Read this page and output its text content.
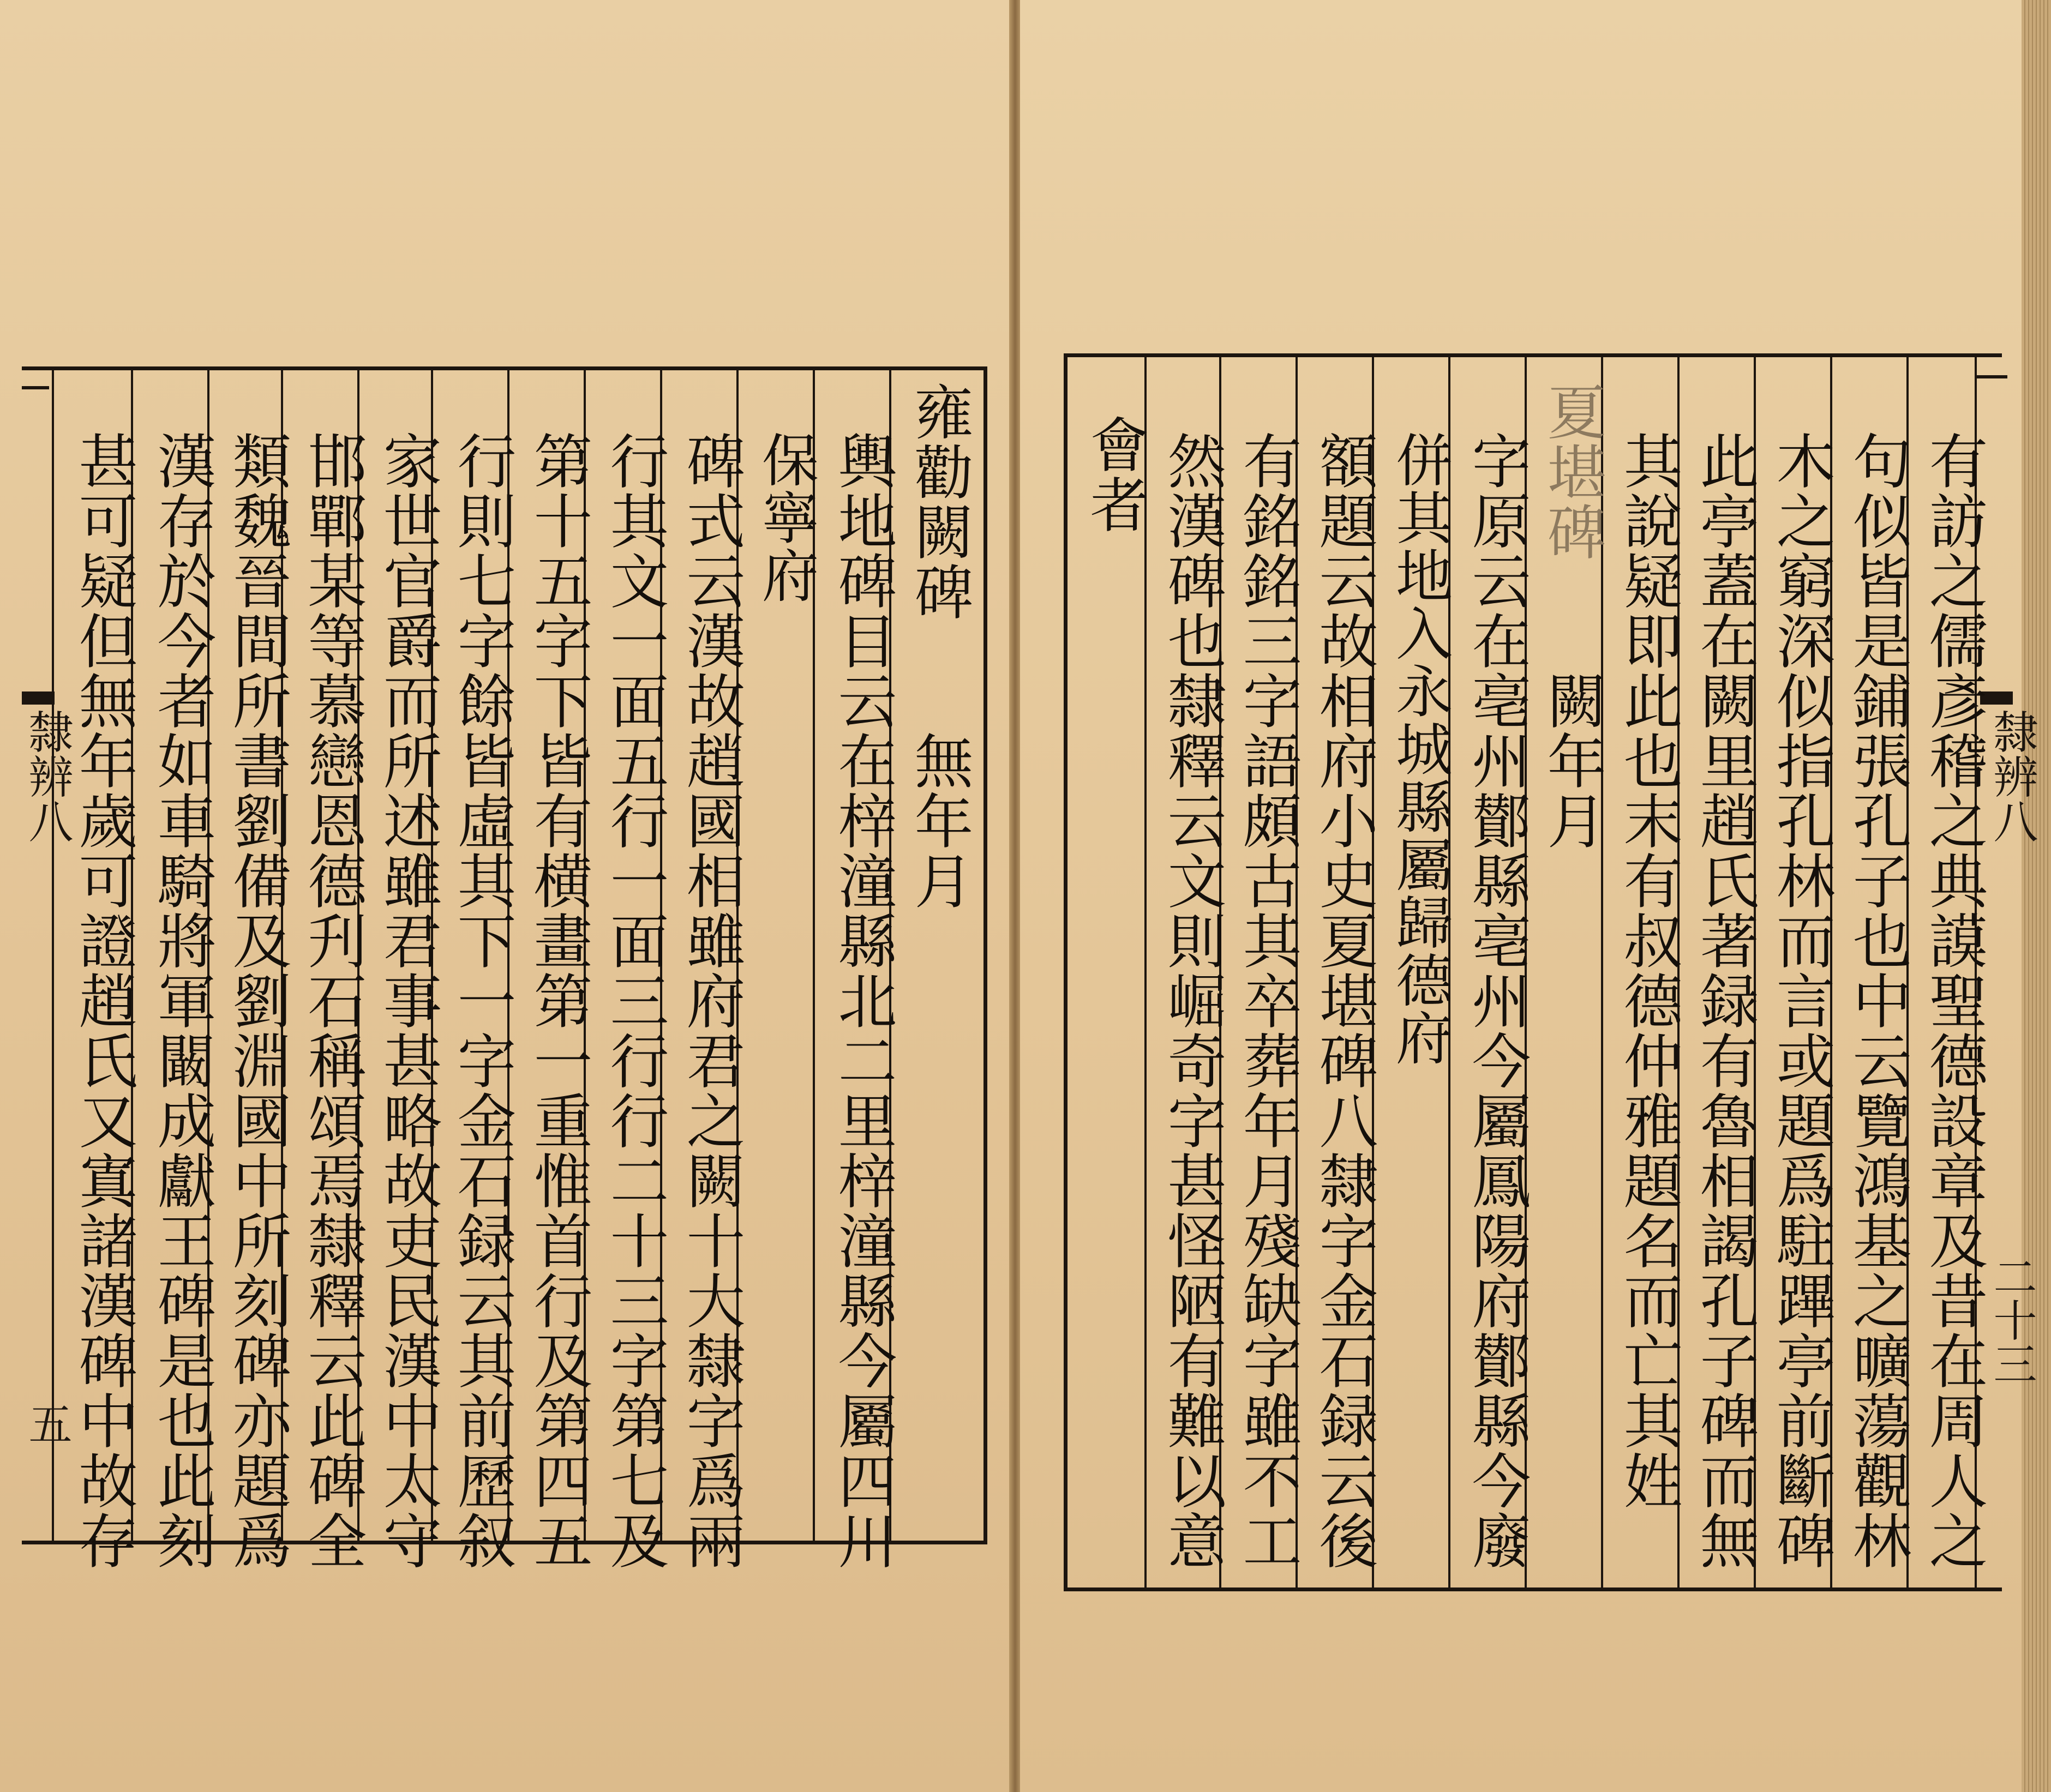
隸辨八
五
雍勸闕碑
無年月
輿地碑目云在梓潼縣北二里梓潼縣今屬四川
保寧府
碑式云漢故趙國相雖府君之闕十大隸字爲兩
行其文一面五行一面三行行二十三字第七及
第十五字下皆有横畫第一重惟首行及第四五
行則七字餘皆虛其下一字金石録云其前歷叙
家世官爵而所述雖君事甚略故吏民漢中太守
邯鄲某等慕戀恩德刋石稱頌焉隸釋云此碑全
類魏晉間所書劉備及劉淵國中所刻碑亦題爲
漢存於今者如車騎將軍闞成獻王碑是也此刻
甚可疑但無年歲可證趙氏又寘諸漢碑中故存	隸辨八
二十三
有訪之儒彥稽之典謨聖德設章及昔在周人之
句似皆是鋪張孔子也中云覽鴻基之曠蕩觀林
木之窮深似指孔林而言或題爲駐蹕亭前斷碑
此亭蓋在闕里趙氏著録有魯相謁孔子碑而無
其說疑即此也末有叔德仲雅題名而亡其姓
夏堪碑
闕年月
字原云在亳州鄼縣亳州今屬鳳陽府鄼縣今廢
併其地入永城縣屬歸德府
額題云故相府小史夏堪碑八隸字金石録云後
有銘銘三字語頗古其卒葬年月殘缺字雖不工
然漢碑也隸釋云文則崛奇字甚怪陋有難以意
會者
